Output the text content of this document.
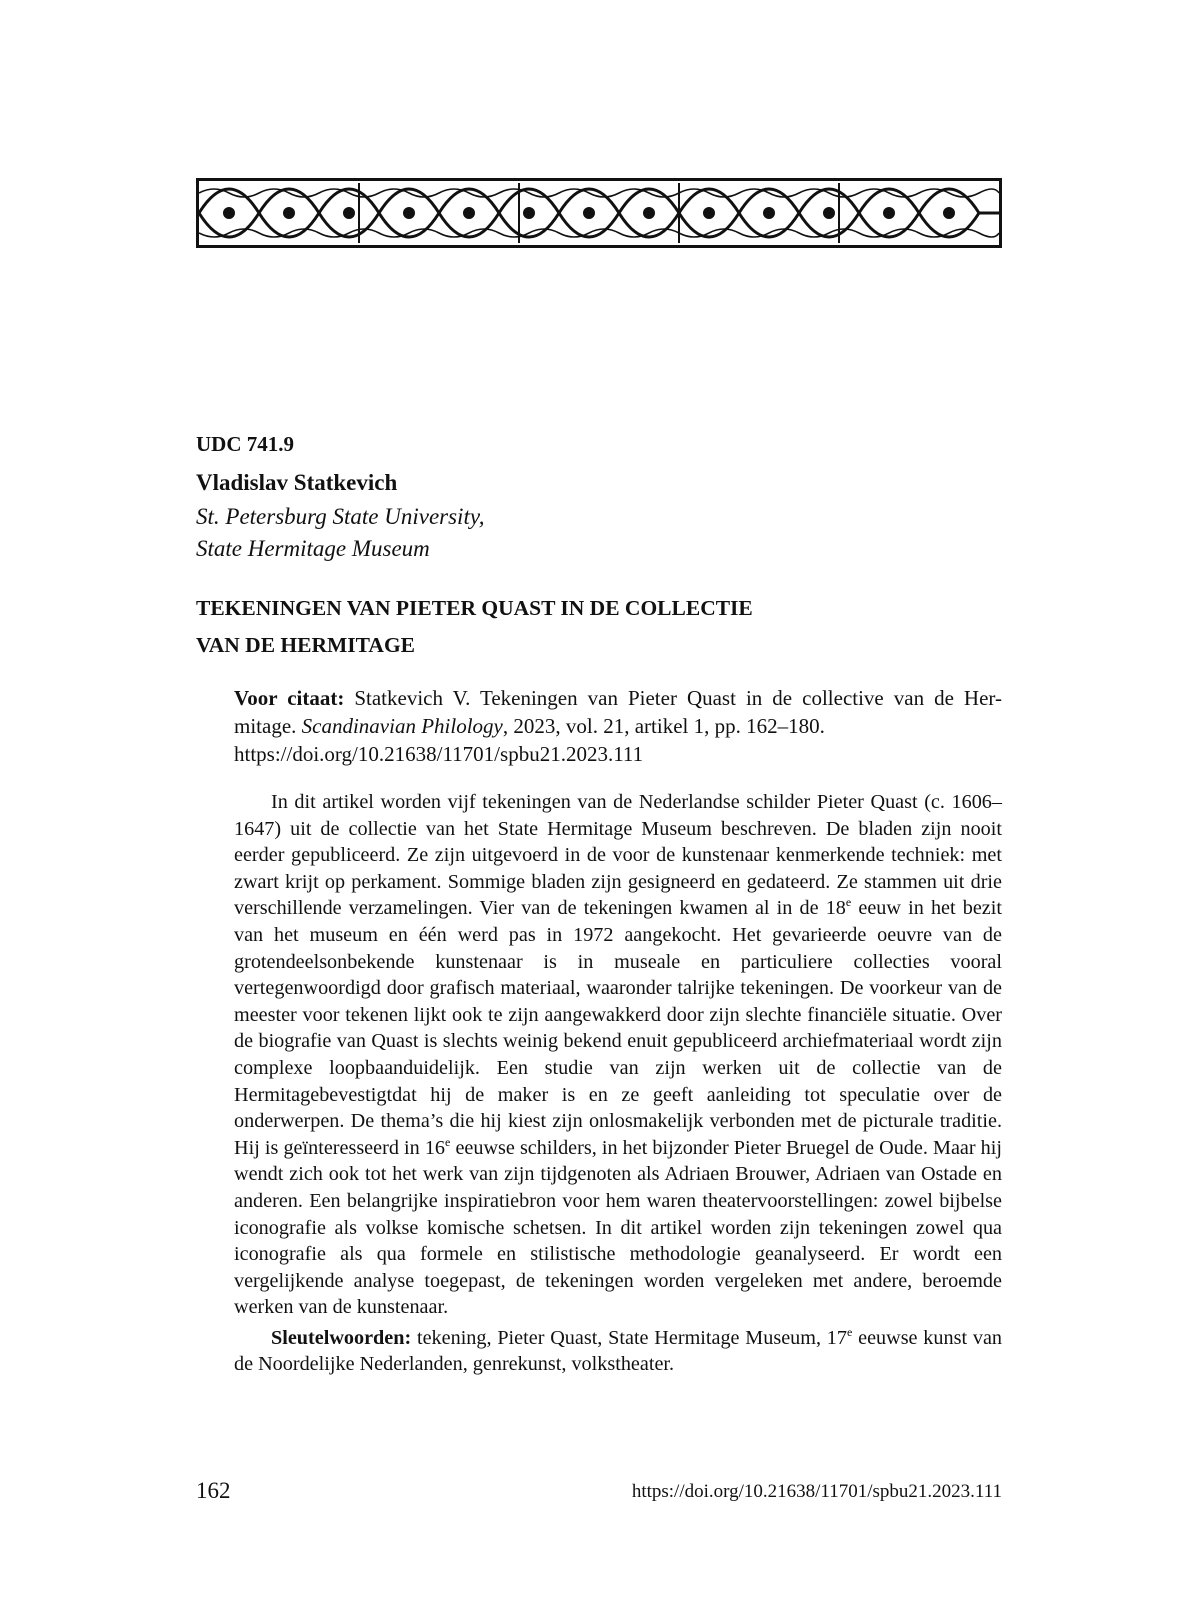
UDC 741.9
Vladislav Statkevich
St. Petersburg State University,
State Hermitage Museum
TEKENINGEN VAN PIETER QUAST IN DE COLLECTIE
VAN DE HERMITAGE
Voor citaat: Statkevich V. Tekeningen van Pieter Quast in de collective van de Her-
mitage. Scandinavian Philology, 2023, vol. 21, artikel 1, pp. 162–180.
https://doi.org/10.21638/11701/spbu21.2023.111

In dit artikel worden vijf tekeningen van de Nederlandse schilder Pieter Quast (c. 1606–1647) uit de collectie van het State Hermitage Museum beschreven. De bladen zijn nooit eerder gepubliceerd. Ze zijn uitgevoerd in de voor de kunstenaar kenmerkende techniek: met zwart krijt op perkament. Sommige bladen zijn gesigneerd en gedateerd. Ze stammen uit drie verschillende verzamelingen. Vier van de tekeningen kwamen al in de 18e eeuw in het bezit van het museum en één werd pas in 1972 aangekocht. Het gevarieerde oeuvre van de grotendeelsonbekende kunstenaar is in museale en particuliere collecties vooral vertegenwoordigd door grafisch materiaal, waaronder talrijke tekeningen. De voorkeur van de meester voor tekenen lijkt ook te zijn aangewakkerd door zijn slechte financiële situatie. Over de biografie van Quast is slechts weinig bekend enuit gepubliceerd archiefmateriaal wordt zijn complexe loopbaanduidelijk. Een studie van zijn werken uit de collectie van de Hermitagebevestigtdat hij de maker is en ze geeft aanleiding tot speculatie over de onderwerpen. De thema’s die hij kiest zijn onlosmakelijk verbonden met de picturale traditie. Hij is geïnteresseerd in 16e eeuwse schilders, in het bijzonder Pieter Bruegel de Oude. Maar hij wendt zich ook tot het werk van zijn tijdgenoten als Adriaen Brouwer, Adriaen van Ostade en anderen. Een belangrijke inspiratiebron voor hem waren theatervoorstellingen: zowel bijbelse iconografie als volkse komische schetsen. In dit artikel worden zijn tekeningen zowel qua iconografie als qua formele en stilistische methodologie geanalyseerd. Er wordt een vergelijkende analyse toegepast, de tekeningen worden vergeleken met andere, beroemde werken van de kunstenaar.

Sleutelwoorden: tekening, Pieter Quast, State Hermitage Museum, 17e eeuwse kunst van de Noordelijke Nederlanden, genrekunst, volkstheater.

162	https://doi.org/10.21638/11701/spbu21.2023.111
